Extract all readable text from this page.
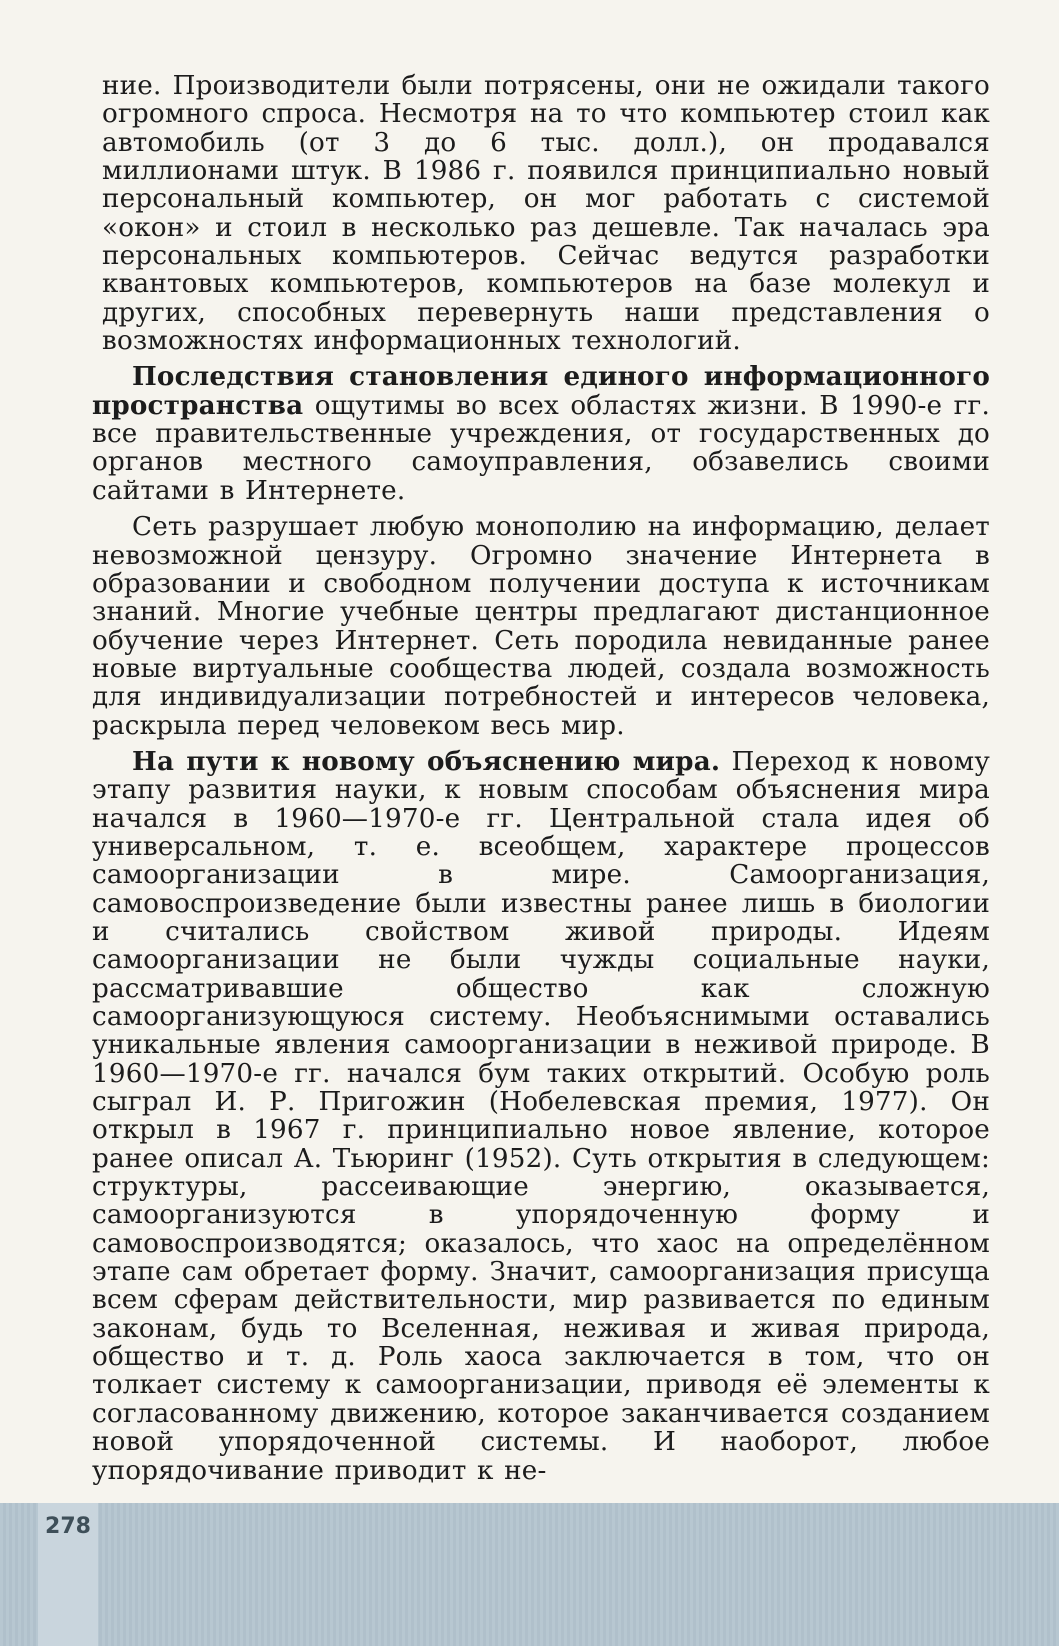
ние. Производители были потрясены, они не ожидали такого огромного спроса. Несмотря на то что компьютер стоил как автомобиль (от 3 до 6 тыс. долл.), он продавался миллионами штук. В 1986 г. появился принципиально новый персональный компьютер, он мог работать с системой «окон» и стоил в несколько раз дешевле. Так началась эра персональных компьютеров. Сейчас ведутся разработки квантовых компьютеров, компьютеров на базе молекул и других, способных перевернуть наши представления о возможностях информационных технологий.

Последствия становления единого информационного пространства ощутимы во всех областях жизни. В 1990-е гг. все правительственные учреждения, от государственных до органов местного самоуправления, обзавелись своими сайтами в Интернете.

Сеть разрушает любую монополию на информацию, делает невозможной цензуру. Огромно значение Интернета в образовании и свободном получении доступа к источникам знаний. Многие учебные центры предлагают дистанционное обучение через Интернет. Сеть породила невиданные ранее новые виртуальные сообщества людей, создала возможность для индивидуализации потребностей и интересов человека, раскрыла перед человеком весь мир.

На пути к новому объяснению мира. Переход к новому этапу развития науки, к новым способам объяснения мира начался в 1960—1970-е гг. Центральной стала идея об универсальном, т. е. всеобщем, характере процессов самоорганизации в мире. Самоорганизация, самовоспроизведение были известны ранее лишь в биологии и считались свойством живой природы. Идеям самоорганизации не были чужды социальные науки, рассматривавшие общество как сложную самоорганизующуюся систему. Необъяснимыми оставались уникальные явления самоорганизации в неживой природе. В 1960—1970-е гг. начался бум таких открытий. Особую роль сыграл И. Р. Пригожин (Нобелевская премия, 1977). Он открыл в 1967 г. принципиально новое явление, которое ранее описал А. Тьюринг (1952). Суть открытия в следующем: структуры, рассеивающие энергию, оказывается, самоорганизуются в упорядоченную форму и самовоспроизводятся; оказалось, что хаос на определённом этапе сам обретает форму. Значит, самоорганизация присуща всем сферам действительности, мир развивается по единым законам, будь то Вселенная, неживая и живая природа, общество и т. д. Роль хаоса заключается в том, что он толкает систему к самоорганизации, приводя её элементы к согласованному движению, которое заканчивается созданием новой упорядоченной системы. И наоборот, любое упорядочивание приводит к не-

278
